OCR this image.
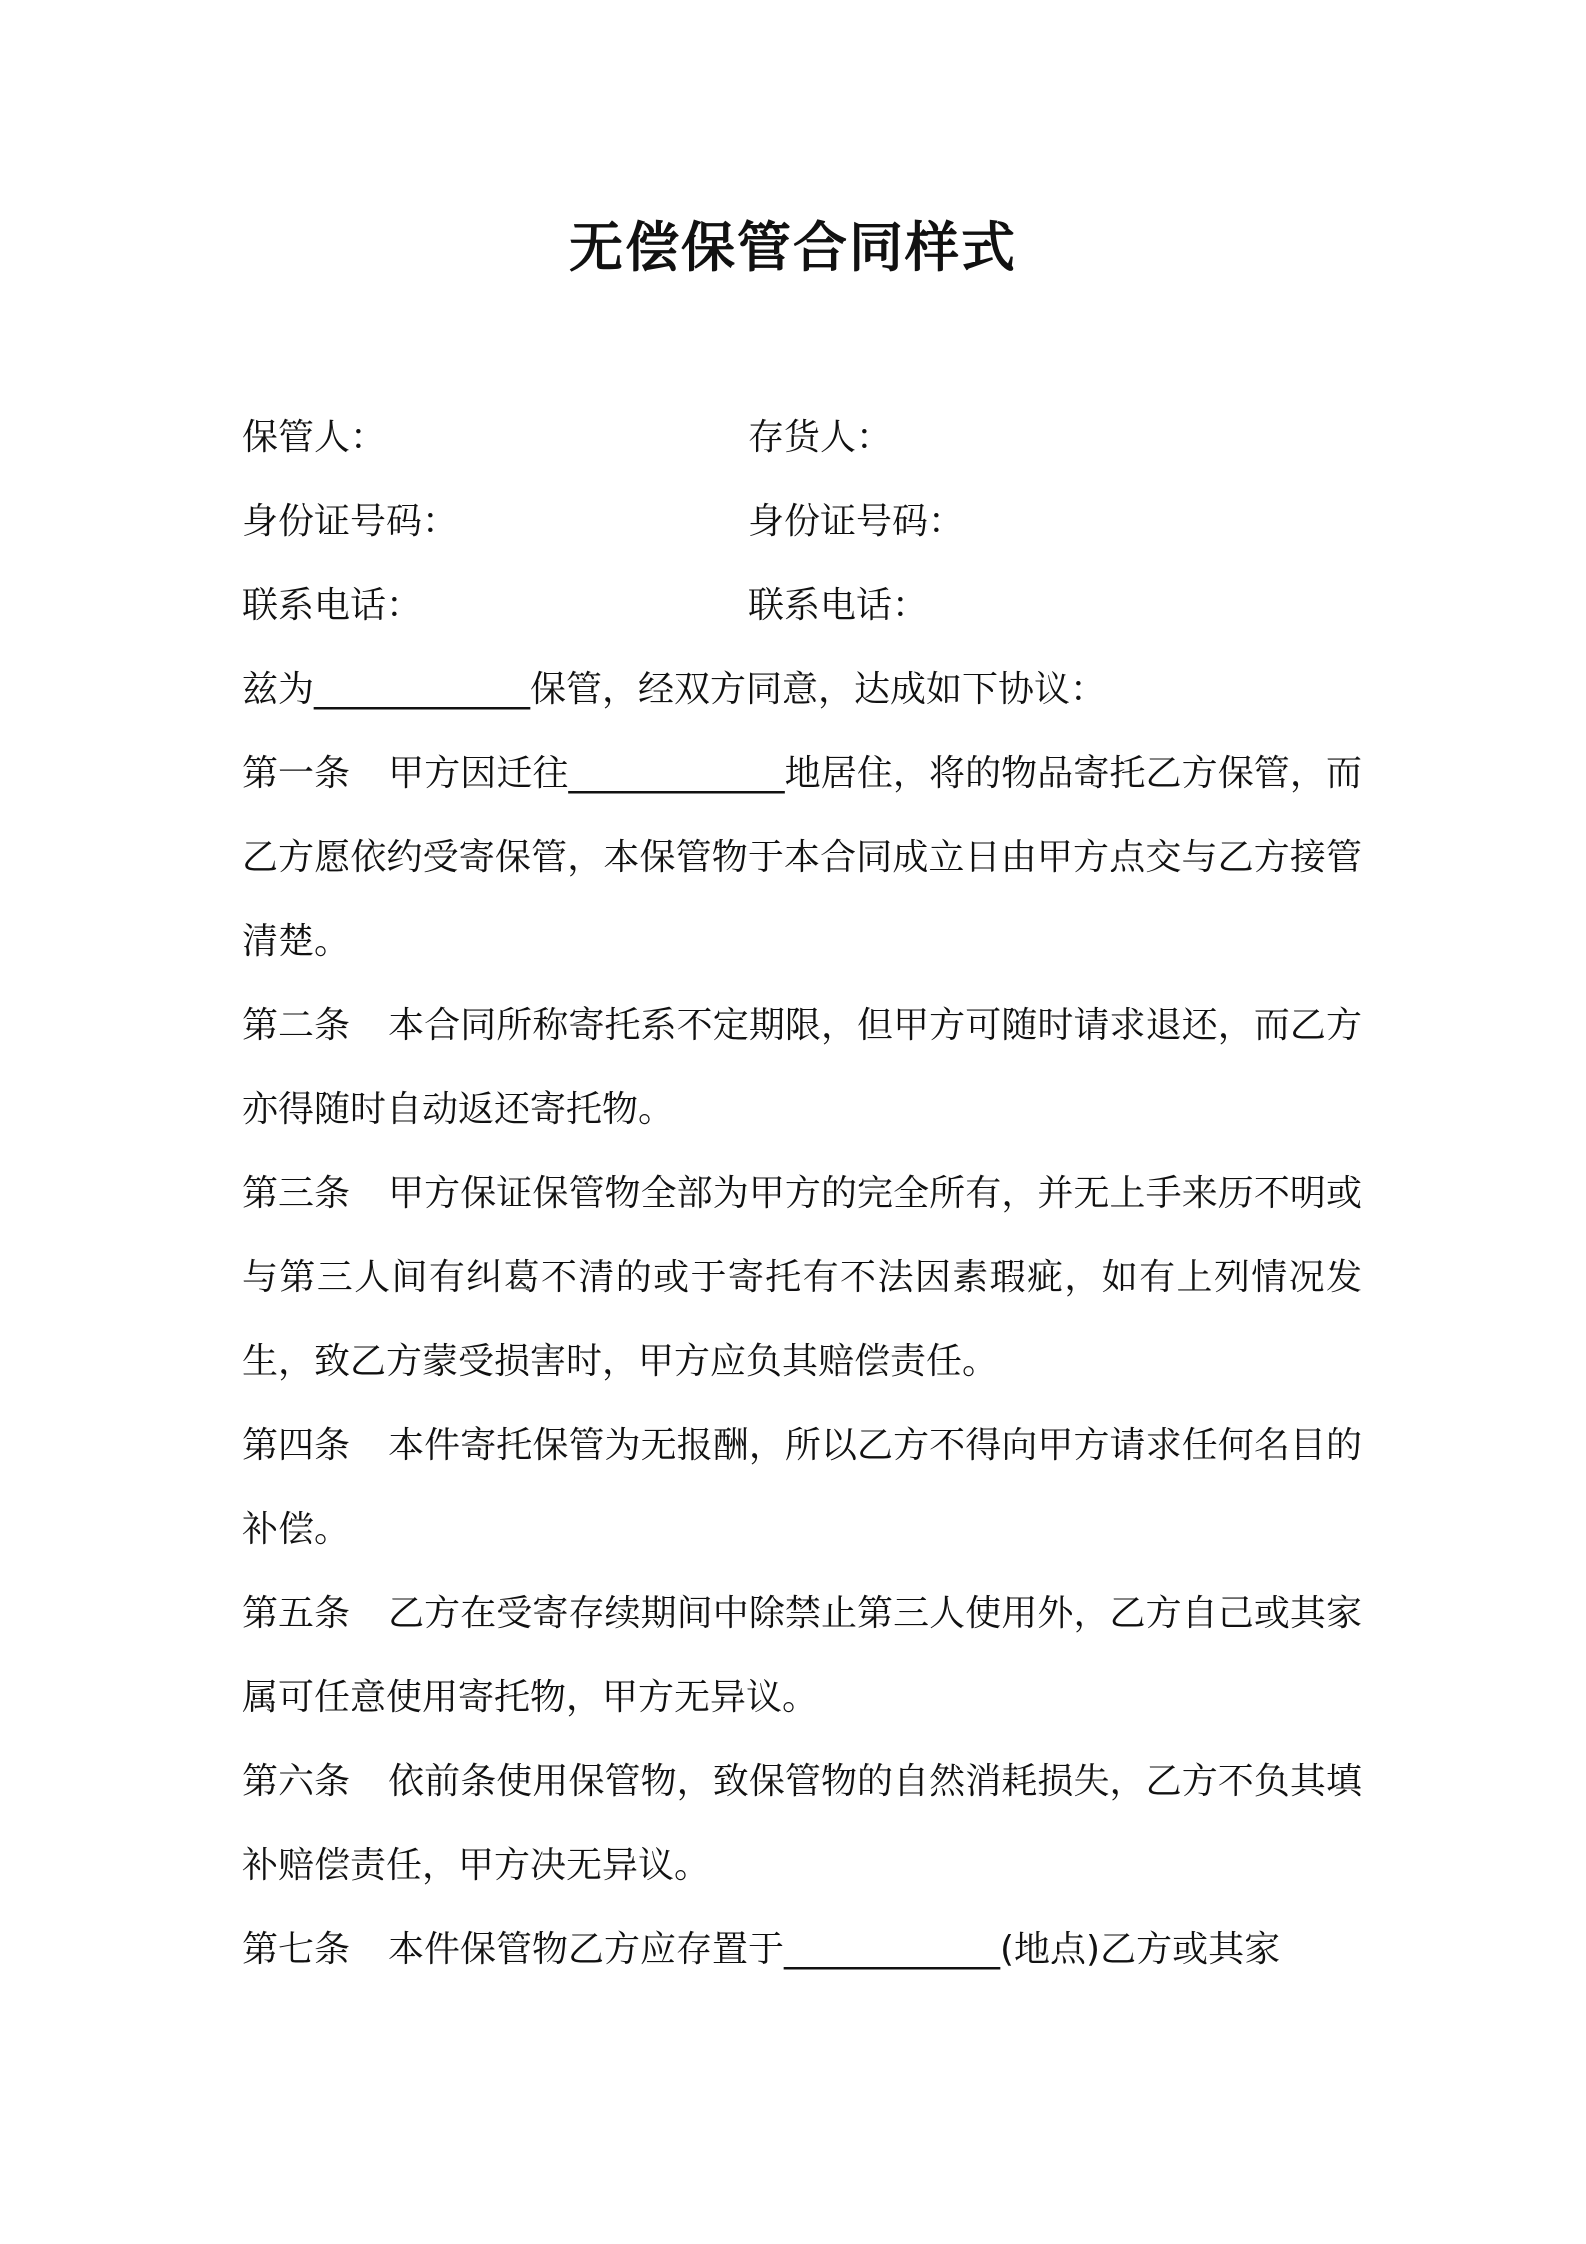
无偿保管合同样式
保管人：	存货人：
身份证号码：	身份证号码：
联系电话：	联系电话：

兹为____________保管，经双方同意，达成如下协议：

第一条 甲方因迁往____________地居住，将的物品寄托乙方保管，而乙方愿依约受寄保管，本保管物于本合同成立日由甲方点交与乙方接管清楚。

第二条 本合同所称寄托系不定期限，但甲方可随时请求退还，而乙方亦得随时自动返还寄托物。

第三条 甲方保证保管物全部为甲方的完全所有，并无上手来历不明或与第三人间有纠葛不清的或于寄托有不法因素瑕疵，如有上列情况发生，致乙方蒙受损害时，甲方应负其赔偿责任。

第四条 本件寄托保管为无报酬，所以乙方不得向甲方请求任何名目的补偿。

第五条 乙方在受寄存续期间中除禁止第三人使用外，乙方自己或其家属可任意使用寄托物，甲方无异议。

第六条 依前条使用保管物，致保管物的自然消耗损失，乙方不负其填补赔偿责任，甲方决无异议。

第七条 本件保管物乙方应存置于____________(地点)乙方或其家
